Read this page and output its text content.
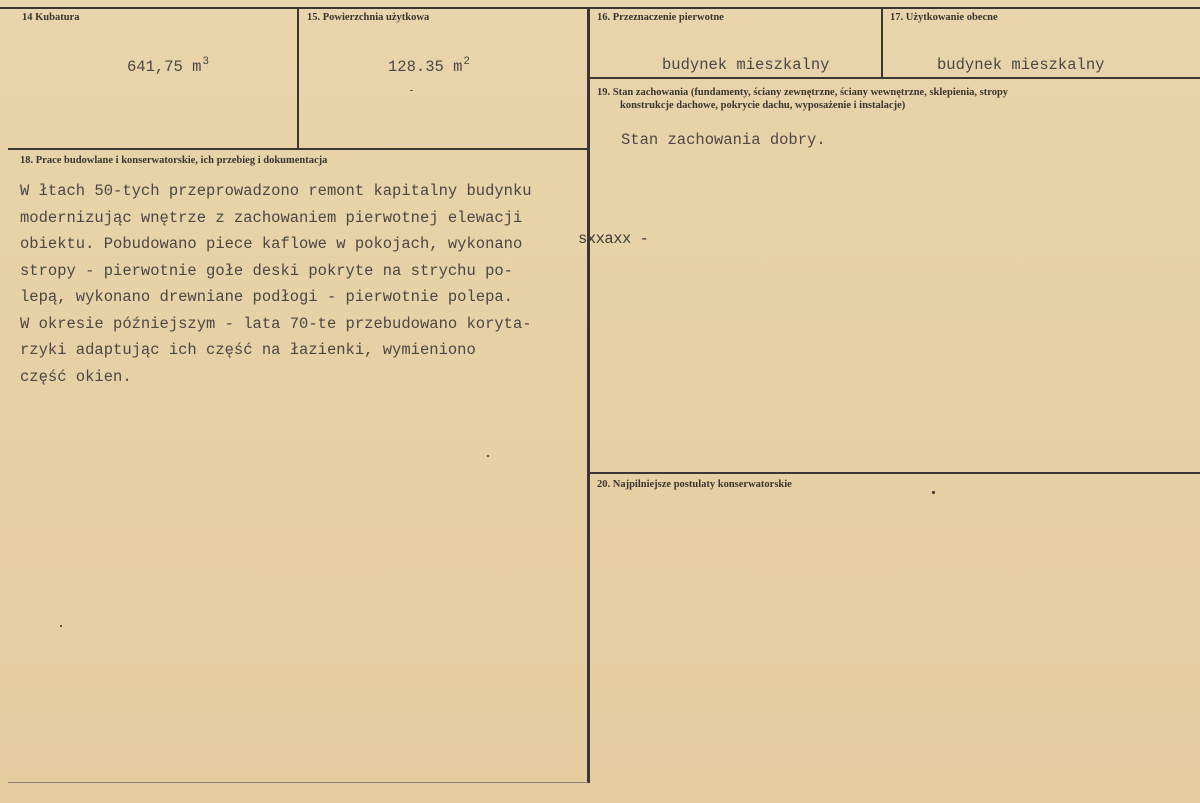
14 Kubatura
641,75 $m^3$
15. Powierzchnia użytkowa
128.35 $m^2$
16. Przeznaczenie pierwotne
budynek mieszkalny
17. Użytkowanie obecne
budynek mieszkalny
19. Stan zachowania (fundamenty, ściany zewnętrzne, ściany wewnętrzne, sklepienia, stropy
konstrukcje dachowe, pokrycie dachu, wyposażenie i instalacje)
Stan zachowania dobry.
18. Prace budowlane i konserwatorskie, ich przebieg i dokumentacja
W łtach 50-tych przeprowadzono remont kapitalny budynku
modernizując wnętrze z zachowaniem pierwotnej elewacji
obiektu. Pobudowano piece kaflowe w pokojach, wykonano
stropy - pierwotnie gołe deski pokryte na strychu po-
lepą, wykonano drewniane podłogi - pierwotnie polepa.
W okresie późniejszym - lata 70-te przebudowano koryta-
rzyki adaptując ich część na łazienki, wymieniono
część okien.
sxxaxx -
20. Najpilniejsze postulaty konserwatorskie
